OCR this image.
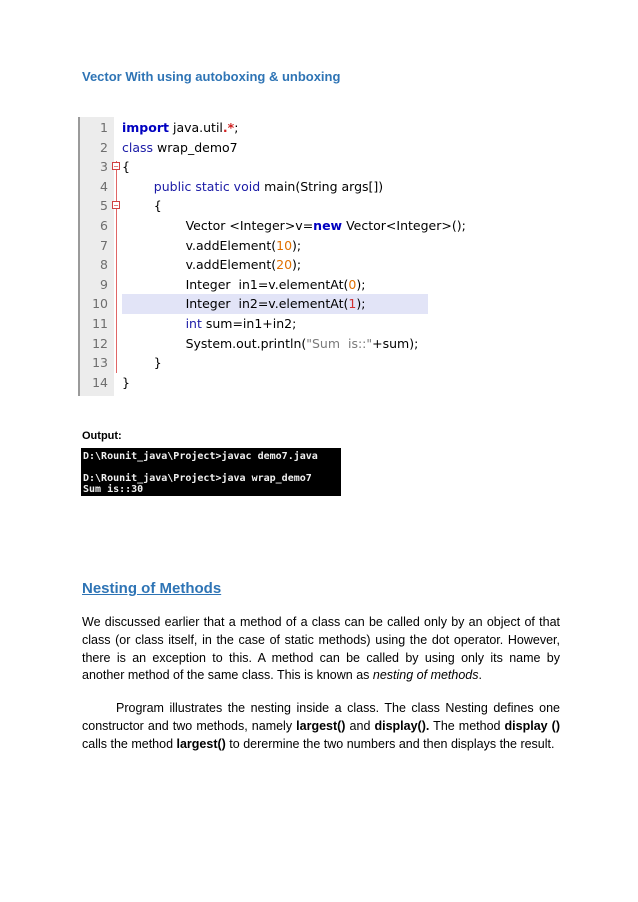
Vector With using autoboxing & unboxing
−
−
1 import java.util.*;
2 class wrap_demo7
3 {
4	public static void main(String args[])
5 {
6 Vector <Integer>v=new Vector<Integer>();
7 v.addElement(10);
8 v.addElement(20);
9 Integer  in1=v.elementAt(0);
10 Integer  in2=v.elementAt(1);
11	int sum=in1+in2;
12 System.out.println("Sum  is::"+sum);
13 }
14 }
Output:
D:\Rounit_java\Project>javac demo7.java

D:\Rounit_java\Project>java wrap_demo7
Sum is::30
Nesting of Methods

We discussed earlier that a method of a class can be called only by an object of that class (or class itself, in the case of static methods) using the dot operator. However, there is an exception to this. A method can be called by using only its name by another method of the same class. This is known as nesting of methods.

Program illustrates the nesting inside a class. The class Nesting defines one constructor and two methods, namely largest() and display(). The method display () calls the method largest() to derermine the two numbers and then displays the result.
